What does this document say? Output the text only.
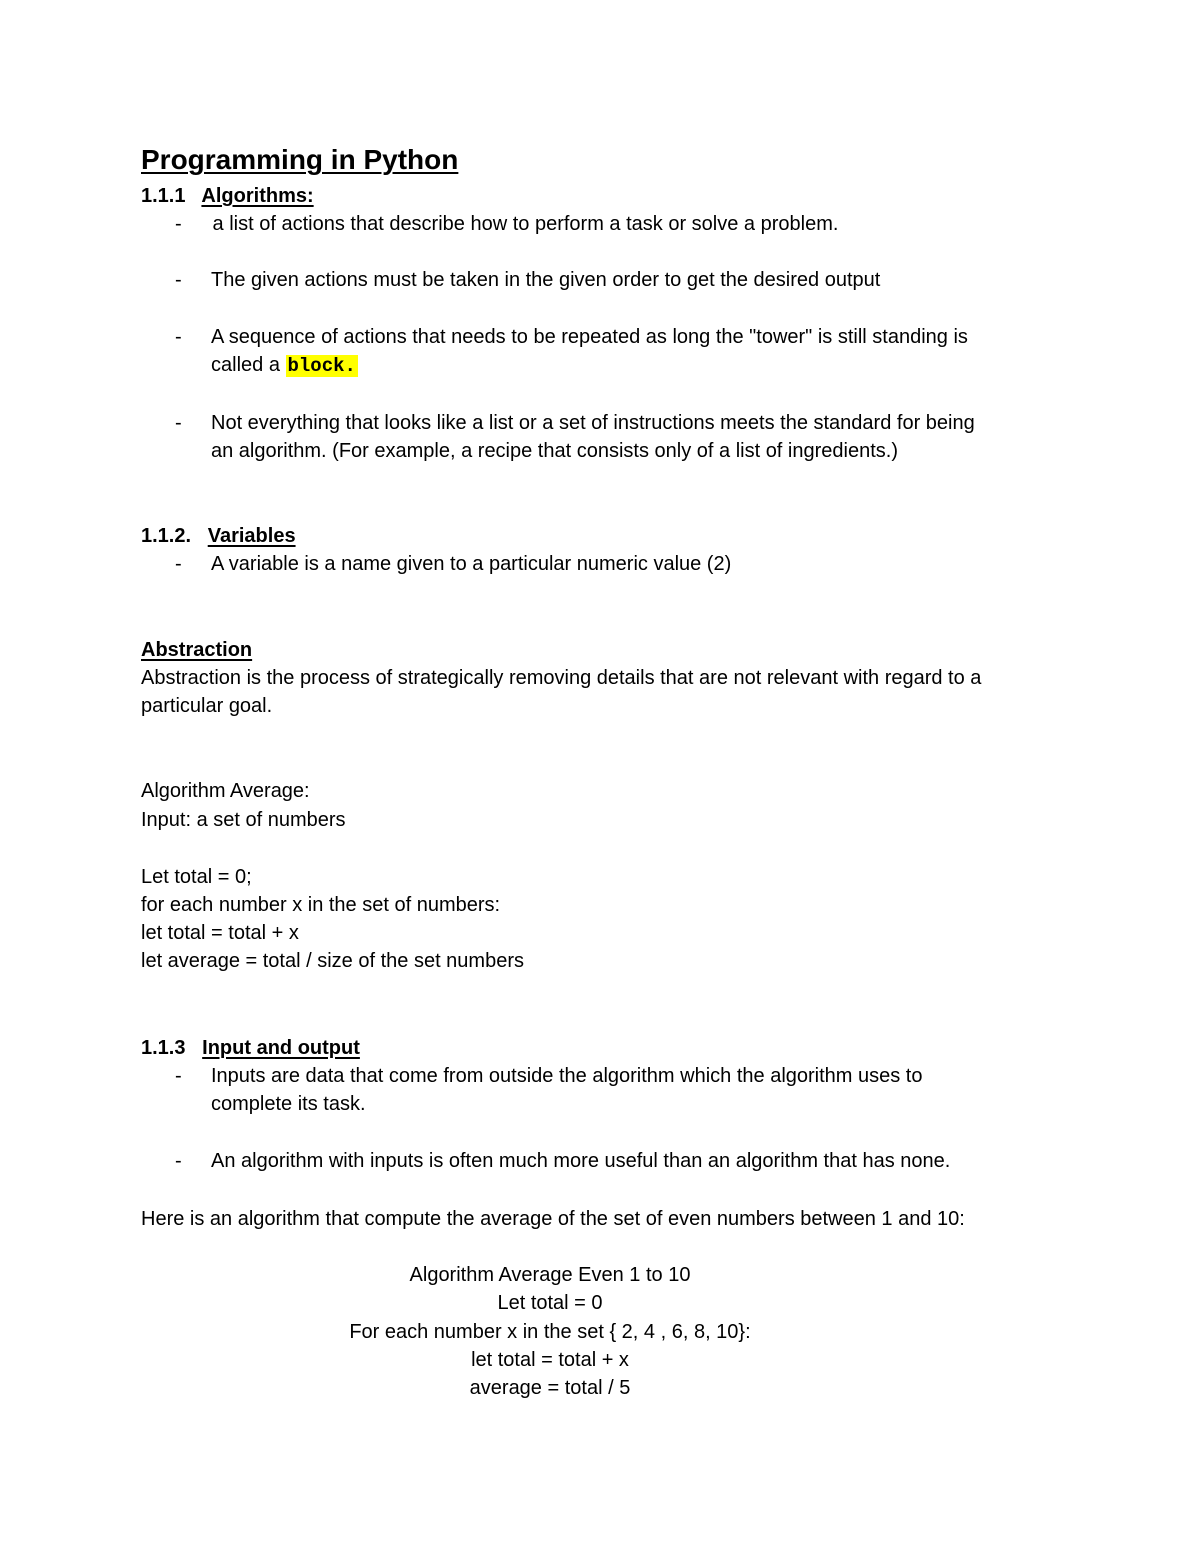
Programming in Python
1.1.1 Algorithms:
- a list of actions that describe how to perform a task or solve a problem.
- The given actions must be taken in the given order to get the desired output
- A sequence of actions that needs to be repeated as long the "tower" is still standing is
called a block.
- Not everything that looks like a list or a set of instructions meets the standard for being
an algorithm. (For example, a recipe that consists only of a list of ingredients.)
1.1.2. Variables
- A variable is a name given to a particular numeric value (2)
Abstraction
Abstraction is the process of strategically removing details that are not relevant with regard to a
particular goal.
Algorithm Average:
Input: a set of numbers
Let total = 0;
for each number x in the set of numbers:
let total = total + x
let average = total / size of the set numbers
1.1.3 Input and output
- Inputs are data that come from outside the algorithm which the algorithm uses to
complete its task.
- An algorithm with inputs is often much more useful than an algorithm that has none.
Here is an algorithm that compute the average of the set of even numbers between 1 and 10:
Algorithm Average Even 1 to 10
Let total = 0
For each number x in the set { 2, 4 , 6, 8, 10}:
let total = total + x
average = total / 5
